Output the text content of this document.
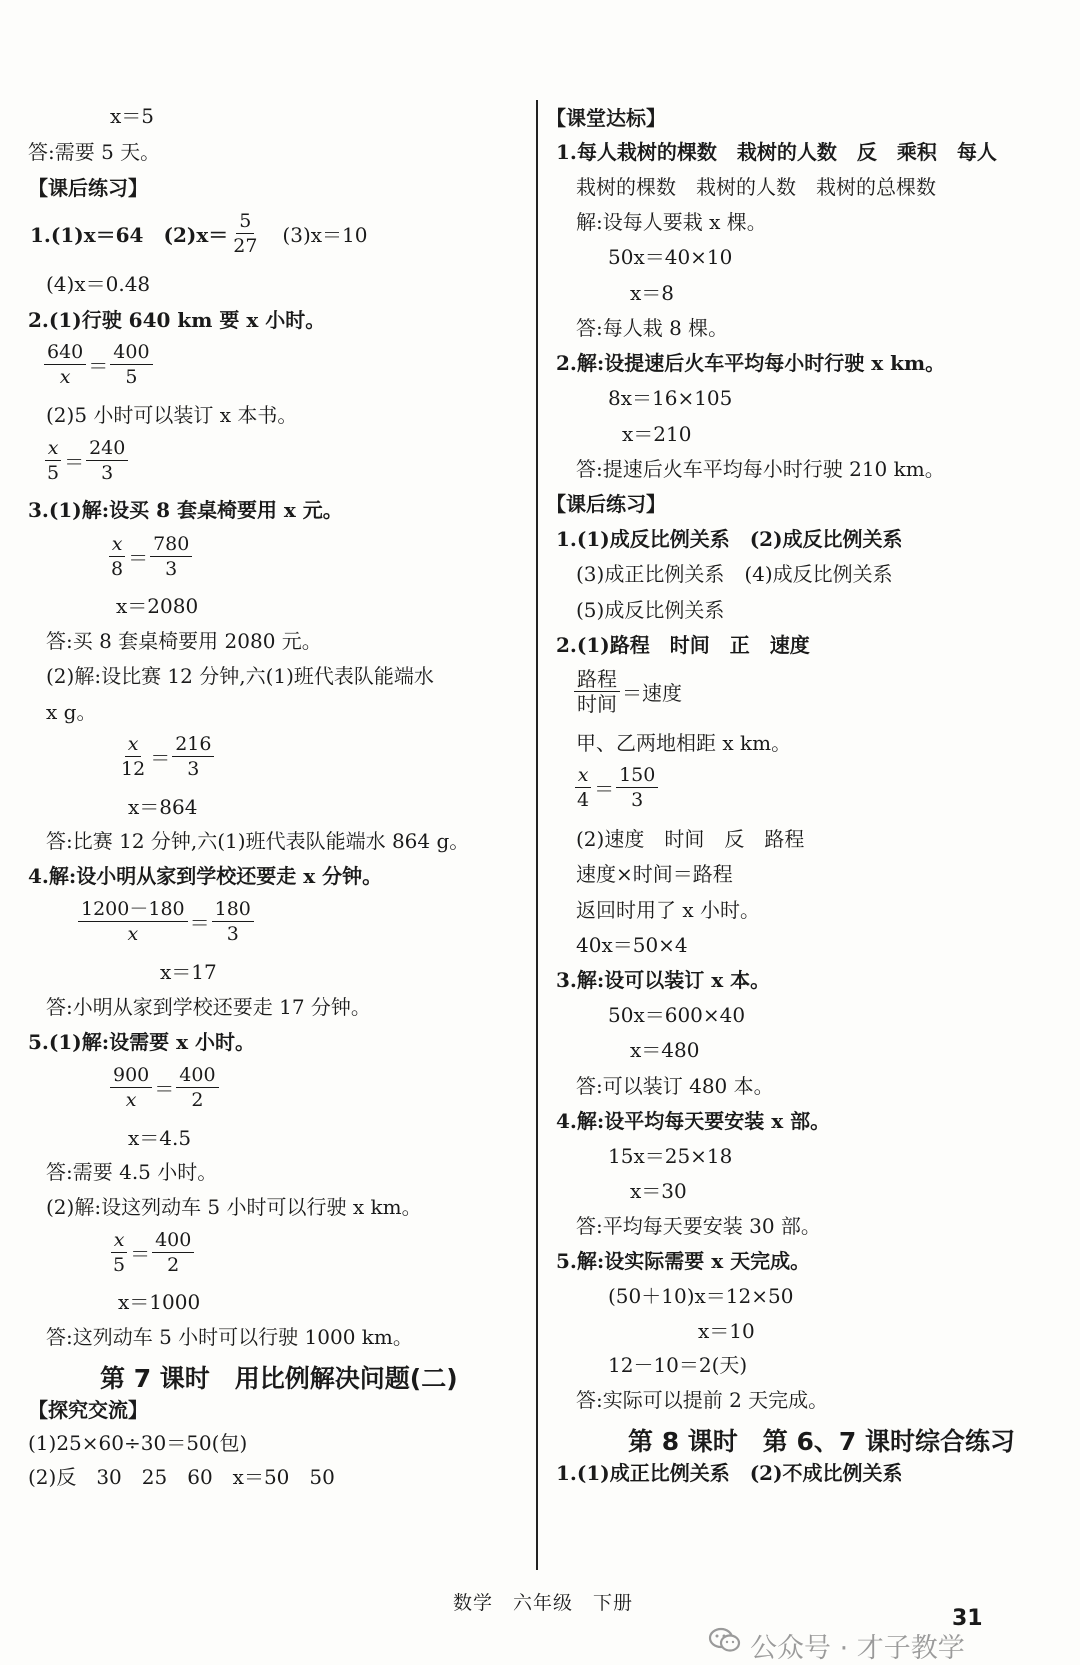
x＝5
答:需要 5 天。
【课后练习】
1.(1)x＝64　$(2)x= \frac{5}{27}$ 　(3)x＝10
(4)x＝0.48
2.(1)行驶 640 km 要 x 小时。
$\frac{640}{x} = \frac{400}{5}$
(2)5 小时可以装订 x 本书。
$\frac{x}{5} = \frac{240}{3}$
3.(1)解:设买 8 套桌椅要用 x 元。
$\frac{x}{8} = \frac{780}{3}$
x＝2080
答:买 8 套桌椅要用 2080 元。
(2)解:设比赛 12 分钟,六(1)班代表队能端水
x g。
$\frac{x}{12} = \frac{216}{3}$
x＝864
答:比赛 12 分钟,六(1)班代表队能端水 864 g。
4.解:设小明从家到学校还要走 x 分钟。
$\frac{1200-180}{x} = \frac{180}{3}$
x＝17
答:小明从家到学校还要走 17 分钟。
5.(1)解:设需要 x 小时。
$\frac{900}{x} = \frac{400}{2}$
x＝4.5
答:需要 4.5 小时。
(2)解:设这列动车 5 小时可以行驶 x km。
$\frac{x}{5} = \frac{400}{2}$
x＝1000
答:这列动车 5 小时可以行驶 1000 km。
第 7 课时　用比例解决问题(二)
【探究交流】
(1)25×60÷30＝50(包)
(2)反　30　25　60　x＝50　50
【课堂达标】
1.每人栽树的棵数　栽树的人数　反　乘积　每人
栽树的棵数　栽树的人数　栽树的总棵数
解:设每人要栽 x 棵。
50x＝40×10
x＝8
答:每人栽 8 棵。
2.解:设提速后火车平均每小时行驶 x km。
8x＝16×105
x＝210
答:提速后火车平均每小时行驶 210 km。
【课后练习】
1.(1)成反比例关系　(2)成反比例关系
(3)成正比例关系　(4)成反比例关系
(5)成反比例关系
2.(1)路程　时间　正　速度
$\frac{\text{路程}}{\text{时间}}$ ＝速度
甲、乙两地相距 x km。
$\frac{x}{4} = \frac{150}{3}$
(2)速度　时间　反　路程
速度×时间＝路程
返回时用了 x 小时。
40x＝50×4
3.解:设可以装订 x 本。
50x＝600×40
x＝480
答:可以装订 480 本。
4.解:设平均每天要安装 x 部。
15x＝25×18
x＝30
答:平均每天要安装 30 部。
5.解:设实际需要 x 天完成。
(50＋10)x＝12×50
x＝10
12－10＝2(天)
答:实际可以提前 2 天完成。
第 8 课时　第 6、7 课时综合练习
1.(1)成正比例关系　(2)不成比例关系
数学　六年级　下册
31
公众号 · 才子教学
